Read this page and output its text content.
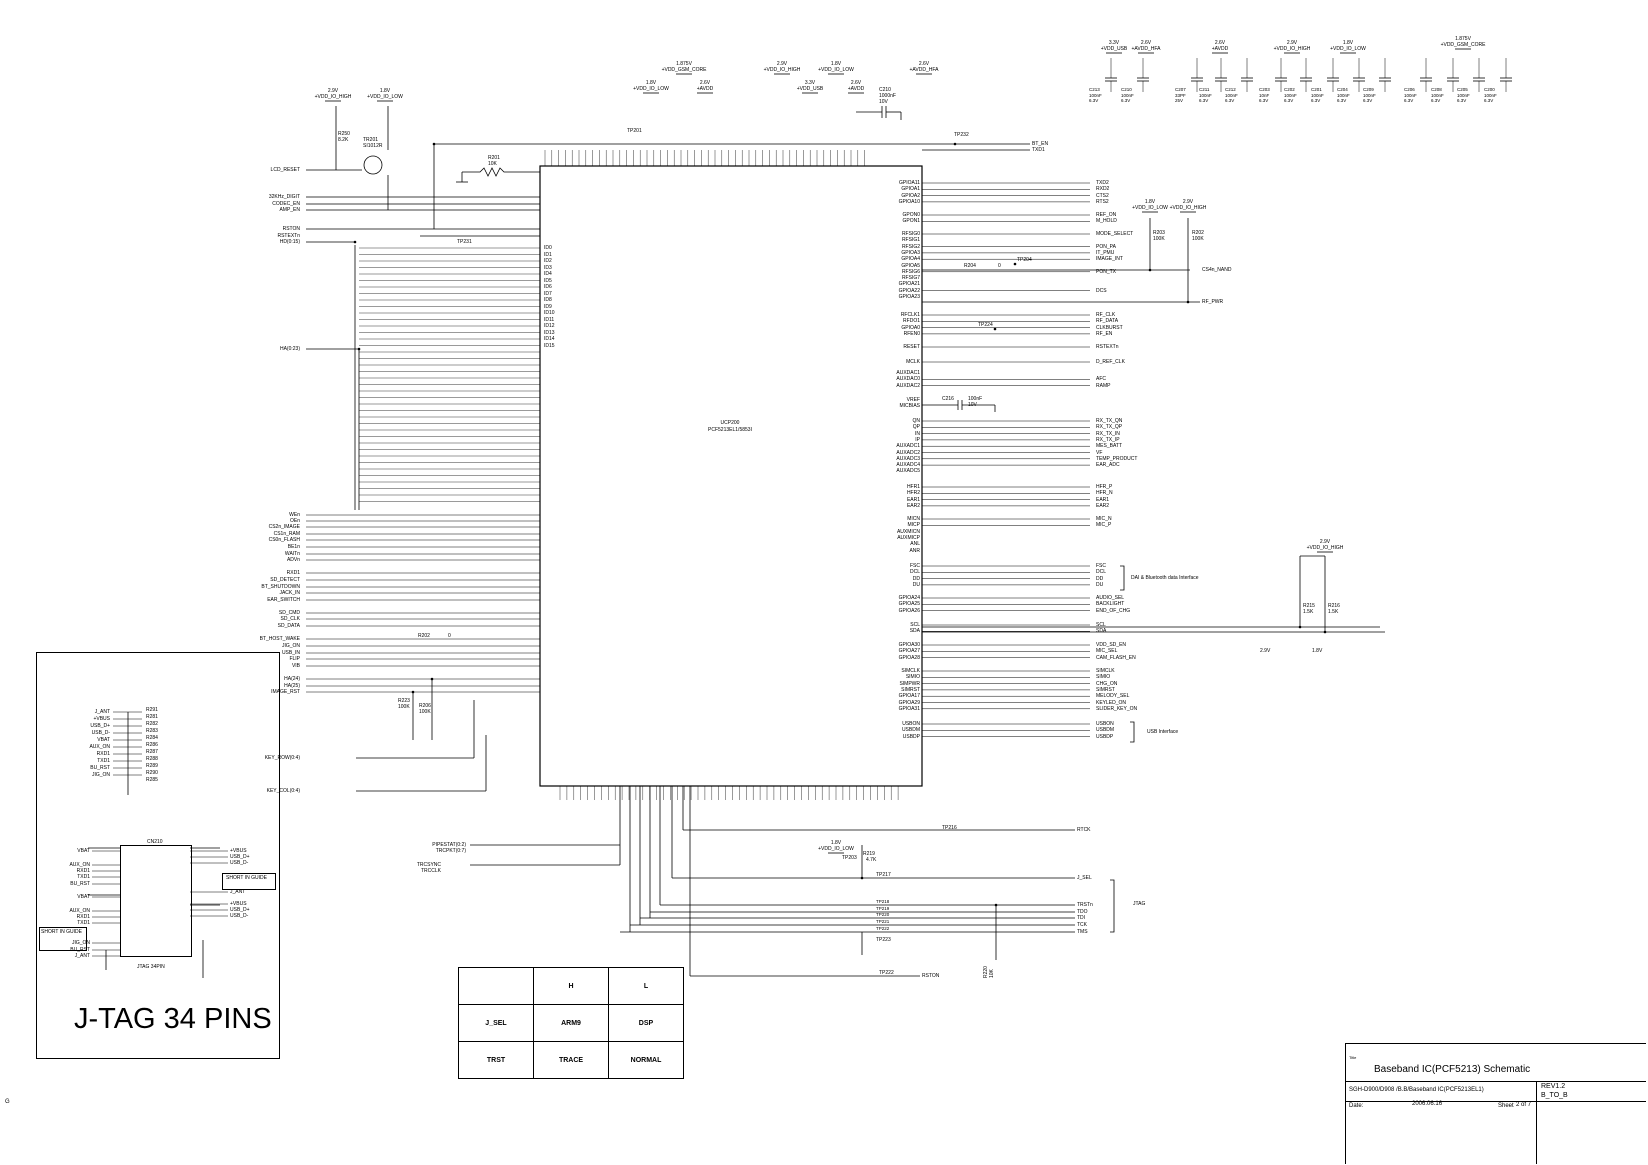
UCP200
PCF5213EL1/5853I
LCD_RESET
32KHz_DIGIT
CODEC_EN
AMP_EN
RSTON
RSTEXTn
HD(0:15)
HA(0:23)
WEn
OEn
CS2n_IMAGE
CS1n_RAM
CS0n_FLASH
BE1n
WAITn
ADVn
RXD1
SD_DETECT
BT_SHUTDOWN
JACK_IN
EAR_SWITCH
SD_CMD
SD_CLK
SD_DATA
BT_HOST_WAKE
JIG_ON
USB_IN
FLIP
VIB
HA(24)
HA(25)
IMAGE_RST
KEY_ROW(0:4)
KEY_COL(0:4)
ID0
ID1
ID2
ID3
ID4
ID5
ID6
ID7
ID8
ID9
ID10
ID11
ID12
ID13
ID14
ID15
GPIOA11	TXD2
GPIOA1	RXD2
GPIOA2	CTS2
GPIOA10	RTS2
GPON0	REF_ON
GPON1	M_HOLD
RFSIG0	MODE_SELECT
RFSIG1
RFSIG2	PON_PA
GPIOA3	IT_PMU
GPIOA4	IMAGE_INT
GPIOA5
RFSIG6	PON_TX
RFSIG7
GPIOA21
GPIOA22	DCS
GPIOA23
RFCLK1	RF_CLK
RFDO1	RF_DATA
GPIOA0	CLKBURST
RFEN0	RF_EN
RESET	RSTEXTn
MCLK	D_REF_CLK
AUXDAC1
AUXDAC0	AFC
AUXDAC2	RAMP
VREF
MICBIAS
QN	RX_TX_QN
QP	RX_TX_QP
IN	RX_TX_IN
IP	RX_TX_IP
AUXADC1	MES_BATT
AUXADC2	VF
AUXADC3	TEMP_PRODUCT
AUXADC4	EAR_ADC
AUXADC5
HFR1	HFR_P
HFR2	HFR_N
EAR1	EAR1
EAR2	EAR2
MICN	MIC_N
MICP	MIC_P
AUXMICN
AUXMICP
ANL
ANR
FSC	FSC
DCL	DCL
DD	DD
DU	DU
GPIOA24	AUDIO_SEL
GPIOA25	BACKLIGHT
GPIOA26	END_OF_CHG
SCL	SCL
SDA	SDA
GPIOA30	VDD_SD_EN
GPIOA27	MIC_SEL
GPIOA28	CAM_FLASH_EN
SIMCLK	SIMCLK
SIMIO	SIMIO
SIMPWR	CHG_ON
SIMRST	SIMRST
GPIOA17	MELODY_SEL
GPIOA29	KEYLED_ON
GPIOA31	SLIDER_KEY_ON
USBON	USBON
USBDM	USBDM
USBDP	USBDP
2.9V
+VDD_IO_HIGH
1.8V
+VDD_IO_LOW
1.8V
+VDD_IO_LOW
1.875V
+VDD_GSM_CORE
2.6V
+AVDD
2.9V
+VDD_IO_HIGH
3.3V
+VDD_USB
1.8V
+VDD_IO_LOW
2.6V
+AVDD
2.6V
+AVDD_HFA
3.3V
+VDD_USB
2.6V
+AVDD_HFA
2.6V
+AVDD
2.9V
+VDD_IO_HIGH
1.8V
+VDD_IO_LOW
1.875V
+VDD_GSM_CORE
1.8V
+VDD_IO_LOW
2.9V
+VDD_IO_HIGH
2.9V
+VDD_IO_HIGH
1.8V
+VDD_IO_LOW
C213
100nF
6.3V
C210
100nF
6.3V
C207
33PF
25V
C211
100nF
6.3V
C212
100nF
6.3V
C203
10nF
6.3V
C202
100nF
6.3V
C201
100nF
6.3V
C204
100nF
6.3V
C209
100nF
6.3V
C206
100nF
6.3V
C208
100nF
6.3V
C205
100nF
6.3V
C200
100nF
6.3V
R250
8.2K	TR201
SI1012R
R201
10K
C210
1000nF
10V
C216	100nF
10V
R203
100K
R202
100K
R204	0
R215
1.5K
R216
1.5K
R219
4.7K
R202	0
R223
100K R206
100K
R220 10K
TP231
TP232
TP201
TP224
TP204
TP216
TP203
TP217
TP223
TP222
BT_EN
TXD1
CS4n_NAND
RF_PWR
DAI & Bluetooth data Interface
USB Interface
JTAG
2.9V	1.8V
RTCK
J_SEL
RSTON
PIPESTAT(0:2)
TRCPKT(0:7)
TRCSYNC
TRCCLK
TRSTn
TP218
TDO
TP219
TDI
TP220
TCK
TP221
TMS
TP222
J_ANT
+VBUS
USB_D+
USB_D-
VBAT
AUX_ON
RXD1
TXD1
BU_RST
JIG_ON
R291
R281
R282
R283
R284
R286
R287
R288
R289
R290
R285
CN210
JTAG 34PIN
VBAT
AUX_ON
RXD1
TXD1
BU_RST
VBAT
AUX_ON
RXD1
TXD1
JIG_ON
BU_RST
J_ANT
+VBUS
USB_D+
USB_D-
J_ANT
+VBUS
USB_D+
USB_D-
SHORT IN GUIDE
SHORT IN GUIDE
J-TAG 34 PINS
	H	L
J_SEL	ARM9	DSP
TRST	TRACE	NORMAL	Title
Baseband IC(PCF5213) Schematic
SGH-D900/D908 /B.B/Baseband IC(PCF5213EL1)	REV1.2
B_TO_B
Date:	2006.06.16	Sheet 2 of 7
G
